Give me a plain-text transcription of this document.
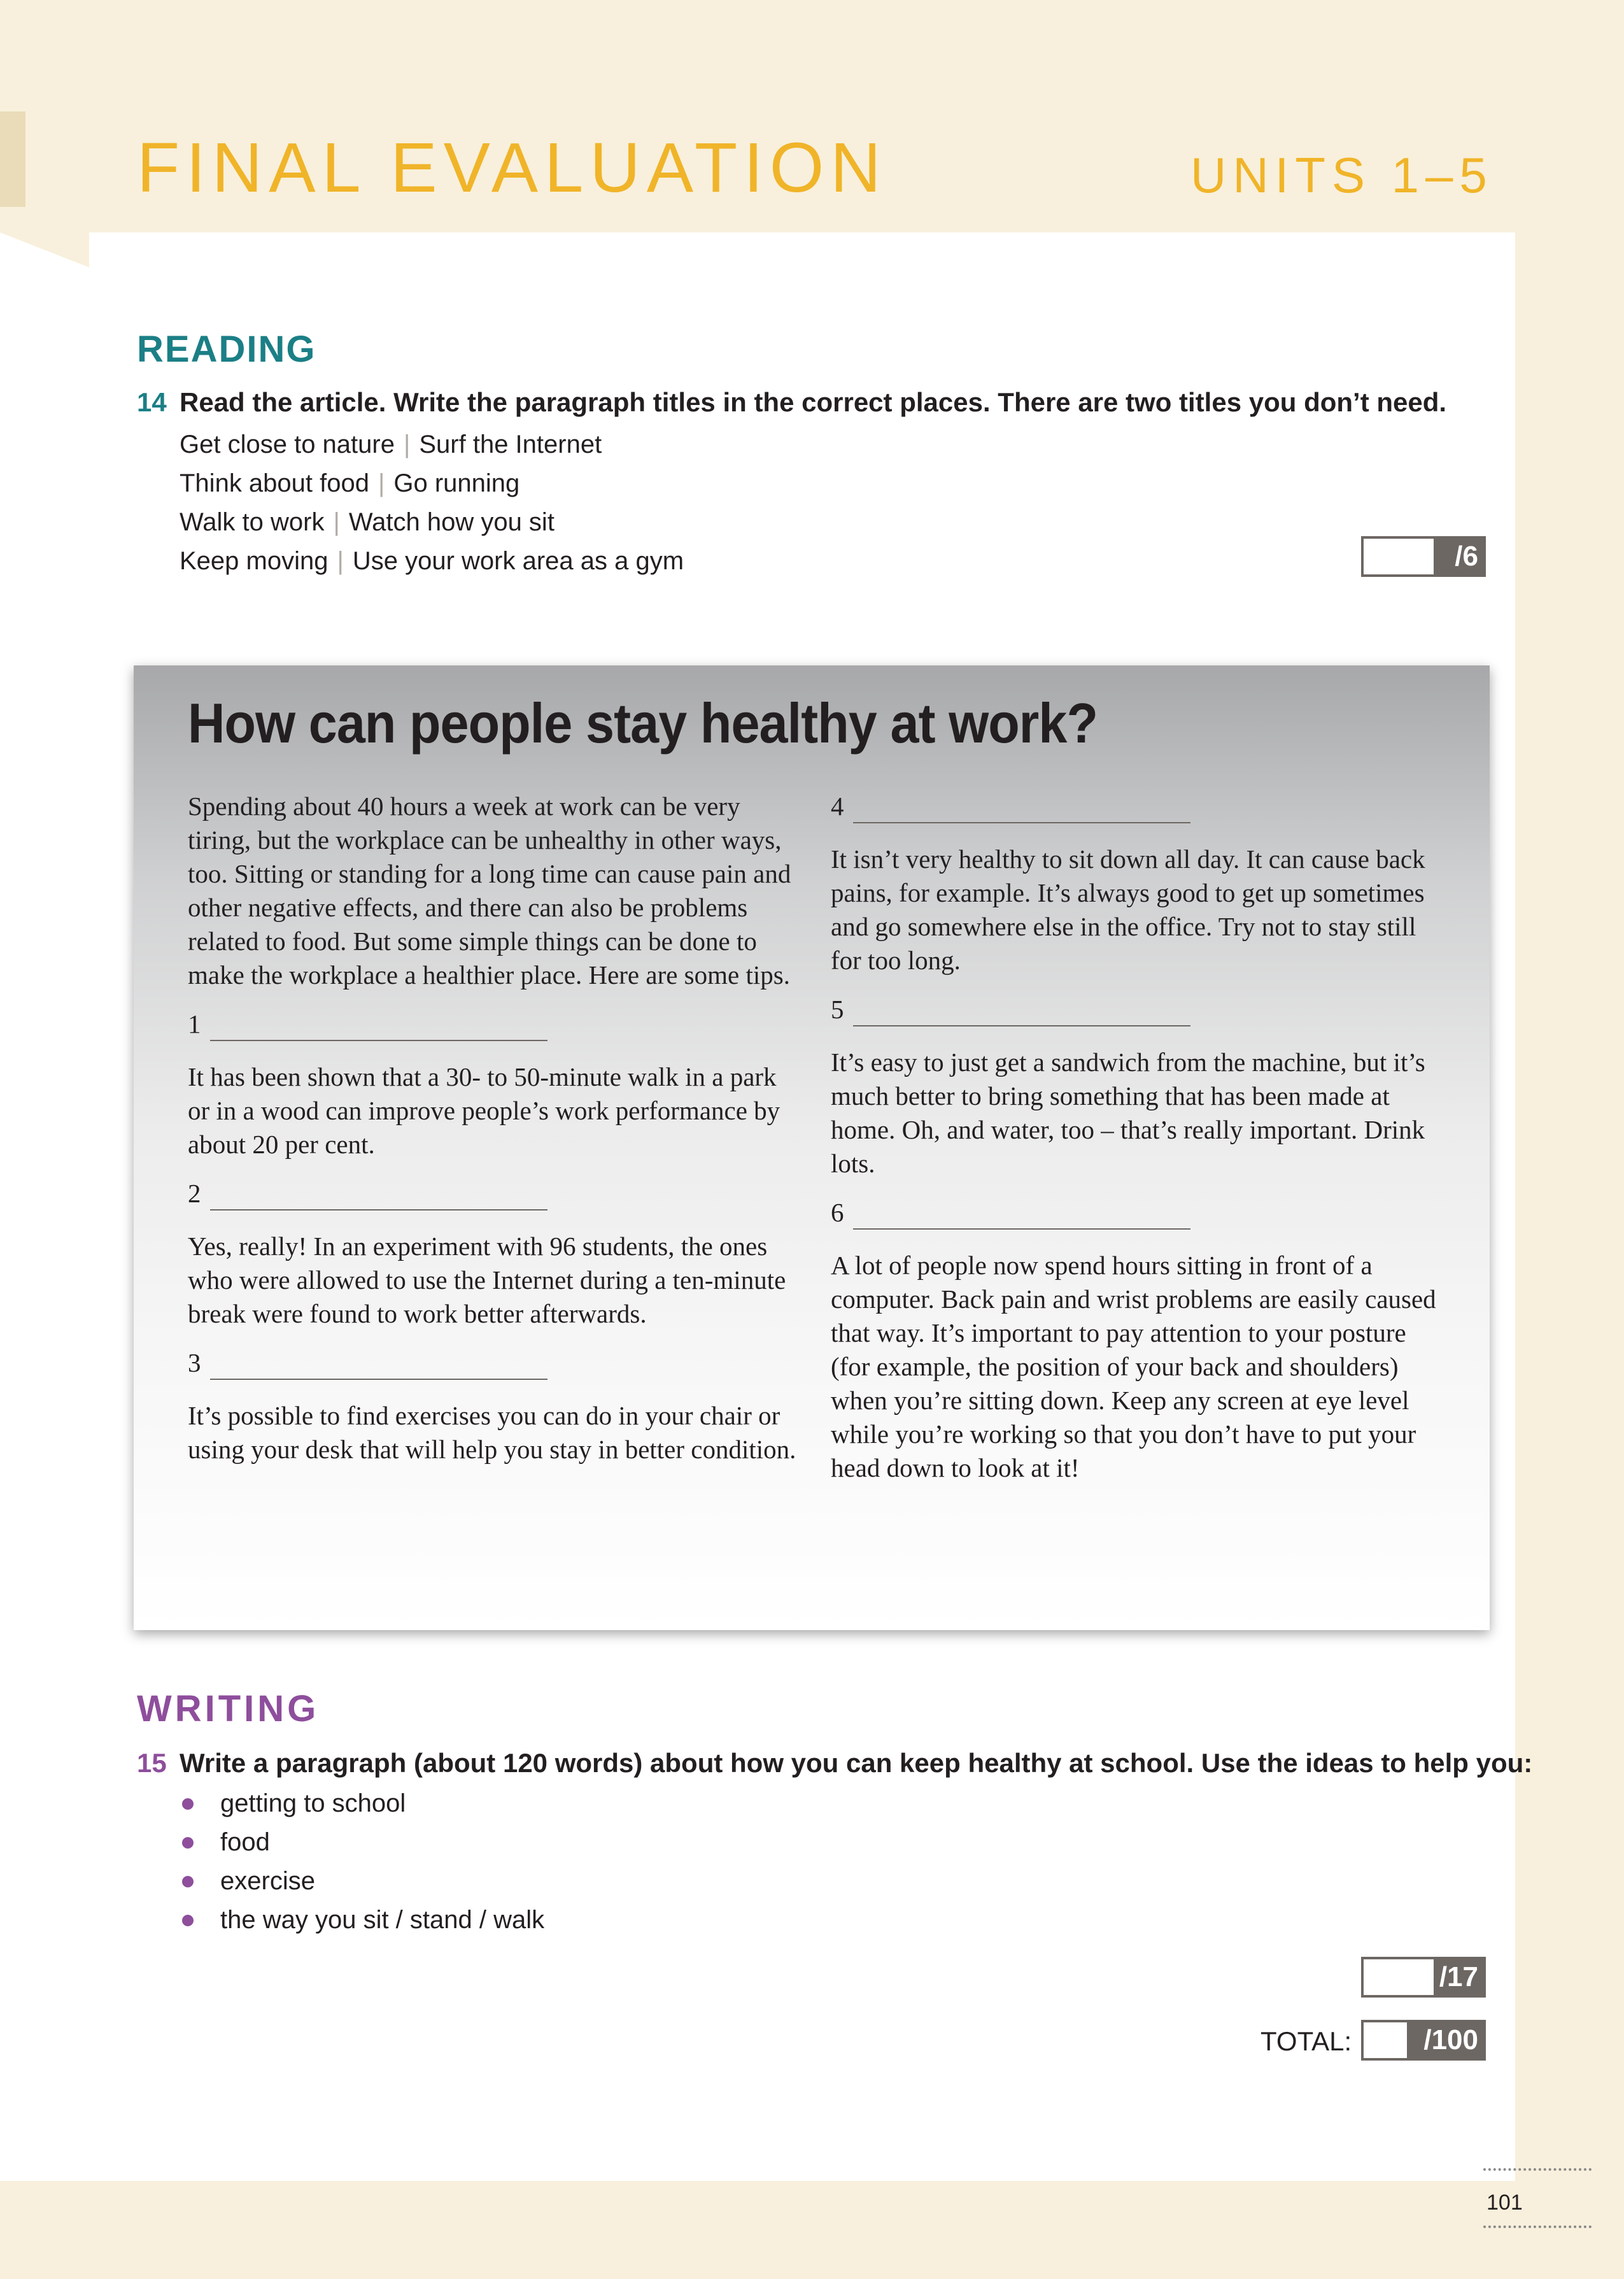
FINAL EVALUATION	UNITS 1–5
READING
14 Read the article. Write the paragraph titles in the correct places. There are two titles you don’t need.
Get close to nature | Surf the Internet
Think about food | Go running
Walk to work | Watch how you sit
Keep moving | Use your work area as a gym	/6
How can people stay healthy at work?

Spending about 40 hours a week at work can be very tiring, but the workplace can be unhealthy in other ways, too. Sitting or standing for a long time can cause pain and other negative effects, and there can also be problems related to food. But some simple things can be done to make the workplace a healthier place. Here are some tips.

1

It has been shown that a 30- to 50-minute walk in a park or in a wood can improve people’s work performance by about 20 per cent.

2

Yes, really! In an experiment with 96 students, the ones who were allowed to use the Internet during a ten-minute break were found to work better afterwards.

3

It’s possible to find exercises you can do in your chair or using your desk that will help you stay in better condition.

4

It isn’t very healthy to sit down all day. It can cause back pains, for example. It’s always good to get up sometimes and go somewhere else in the office. Try not to stay still for too long.

5

It’s easy to just get a sandwich from the machine, but it’s much better to bring something that has been made at home. Oh, and water, too – that’s really important. Drink lots.

6

A lot of people now spend hours sitting in front of a computer. Back pain and wrist problems are easily caused that way. It’s important to pay attention to your posture (for example, the position of your back and shoulders) when you’re sitting down. Keep any screen at eye level while you’re working so that you don’t have to put your head down to look at it!

WRITING
15 Write a paragraph (about 120 words) about how you can keep healthy at school. Use the ideas to help you:
getting to school
food
exercise
the way you sit / stand / walk
/17
TOTAL:	/100
101
